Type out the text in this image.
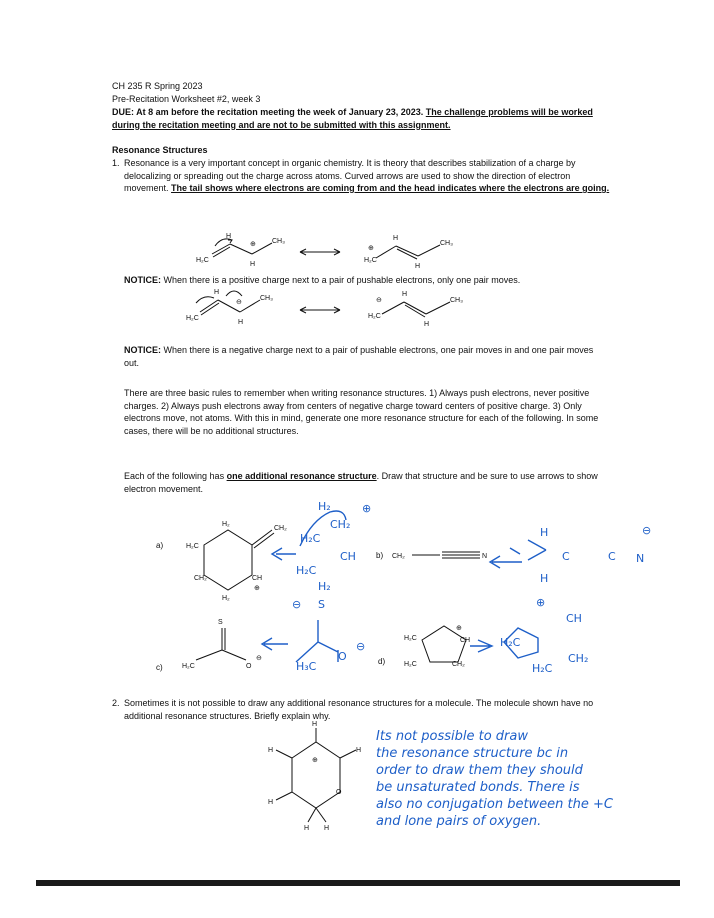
CH 235 R Spring 2023
Pre-Recitation Worksheet #2, week 3
DUE: At 8 am before the recitation meeting the week of January 23, 2023. The challenge problems will be worked during the recitation meeting and are not to be submitted with this assignment.
Resonance Structures
1. Resonance is a very important concept in organic chemistry. It is theory that describes stabilization of a charge by delocalizing or spreading out the charge across atoms. Curved arrows are used to show the direction of electron movement. The tail shows where electrons are coming from and the head indicates where the electrons are going.
NOTICE: When there is a positive charge next to a pair of pushable electrons, only one pair moves.
NOTICE: When there is a negative charge next to a pair of pushable electrons, one pair moves in and one pair moves out.
There are three basic rules to remember when writing resonance structures. 1) Always push electrons, never positive charges. 2) Always push electrons away from centers of negative charge toward centers of positive charge. 3) Only electrons move, not atoms. With this in mind, generate one more resonance structure for each of the following. In some cases, there will be no additional structures.
Each of the following has one additional resonance structure. Draw that structure and be sure to use arrows to show electron movement.
H₂C
H
⊕
H
CH₃
H₂C
⊕
H
H
CH₃
H₂C
H
⊖
H
CH₃
H₂C
⊖
H
H
CH₃
a)	H₂C
H₂
CH₂
CH
⊕
CH₂
H₂
b) CH₂	N
c)	H₂C
S
O
⊖	d)
H₂C
H₂C
⊕
CH
CH₂
H
H
H
H
⊕
O
H H
H₂	⊕
CH₂
H₂C
CH
H₂C
H₂
⊖ S
H₃C
O
⊖
H
H
C	C N
⊖
⊕
CH
H₂C
H₂C
CH₂
2. Sometimes it is not possible to draw any additional resonance structures for a molecule. The molecule shown have no additional resonance structures. Briefly explain why.
Its not possible to draw
the resonance structure bc in
order to draw them they should
be unsaturated bonds. There is
also no conjugation between the +C
and lone pairs of oxygen.
